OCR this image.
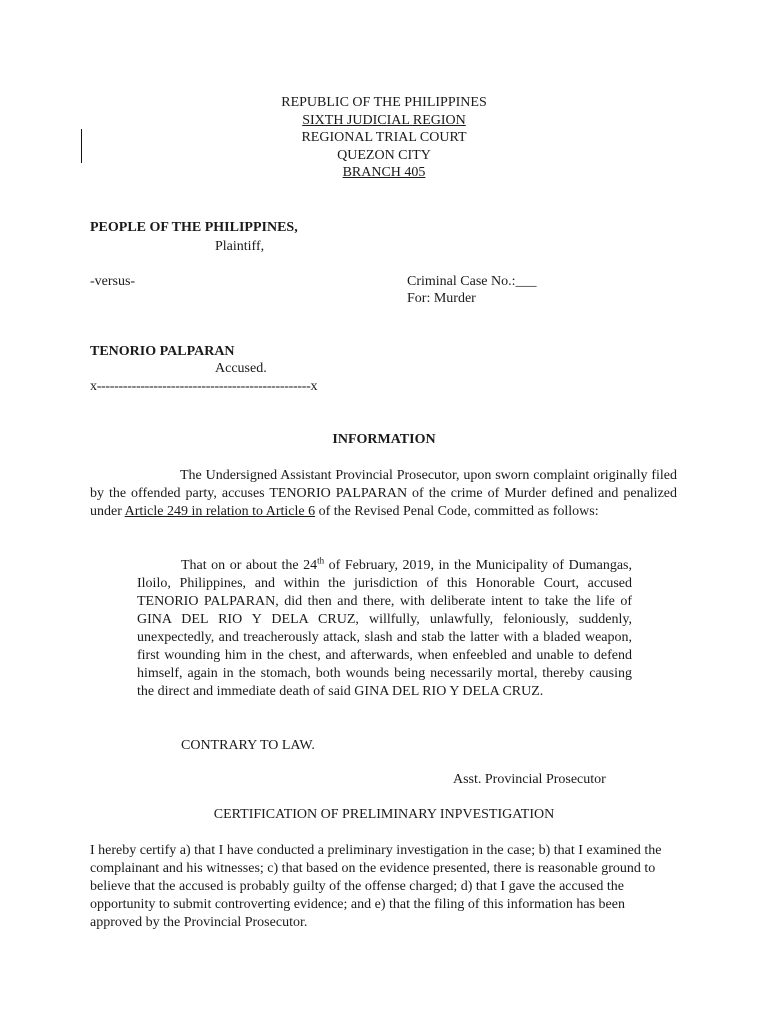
REPUBLIC OF THE PHILIPPINES
SIXTH JUDICIAL REGION
REGIONAL TRIAL COURT
QUEZON CITY
BRANCH 405
PEOPLE OF THE PHILIPPINES,
Plaintiff,
-versus-	Criminal Case No.:___
For: Murder
TENORIO PALPARAN
Accused.
x-------------------------------------------------x
INFORMATION
The Undersigned Assistant Provincial Prosecutor, upon sworn complaint originally filed by the offended party, accuses TENORIO PALPARAN of the crime of Murder defined and penalized under Article 249 in relation to Article 6 of the Revised Penal Code, committed as follows:
That on or about the 24th of February, 2019, in the Municipality of Dumangas, Iloilo, Philippines, and within the jurisdiction of this Honorable Court, accused TENORIO PALPARAN, did then and there, with deliberate intent to take the life of GINA DEL RIO Y DELA CRUZ, willfully, unlawfully, feloniously, suddenly, unexpectedly, and treacherously attack, slash and stab the latter with a bladed weapon, first wounding him in the chest, and afterwards, when enfeebled and unable to defend himself, again in the stomach, both wounds being necessarily mortal, thereby causing the direct and immediate death of said GINA DEL RIO Y DELA CRUZ.
CONTRARY TO LAW.
Asst. Provincial Prosecutor
CERTIFICATION OF PRELIMINARY INPVESTIGATION
I hereby certify a) that I have conducted a preliminary investigation in the case; b) that I examined the complainant and his witnesses; c) that based on the evidence presented, there is reasonable ground to believe that the accused is probably guilty of the offense charged; d) that I gave the accused the opportunity to submit controverting evidence; and e) that the filing of this information has been approved by the Provincial Prosecutor.
